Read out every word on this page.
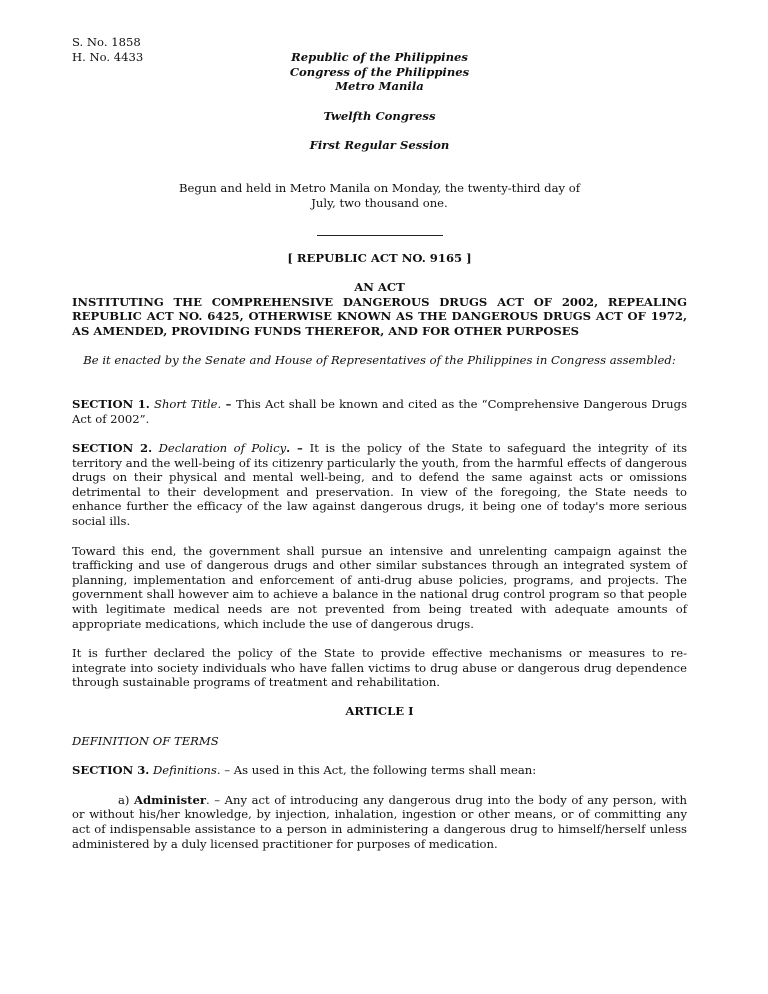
S. No. 1858
H. No. 4433	Republic of the Philippines
Congress of the Philippines
Metro Manila
Twelfth Congress
First Regular Session
Begun and held in Metro Manila on Monday, the twenty-third day of
July, two thousand one.
[ REPUBLIC ACT NO. 9165 ]
AN ACT

INSTITUTING THE COMPREHENSIVE DANGEROUS DRUGS ACT OF 2002, REPEALING REPUBLIC ACT NO. 6425, OTHERWISE KNOWN AS THE DANGEROUS DRUGS ACT OF 1972, AS AMENDED, PROVIDING FUNDS THEREFOR, AND FOR OTHER PURPOSES

Be it enacted by the Senate and House of Representatives of the Philippines in Congress assembled:

SECTION 1. Short Title. – This Act shall be known and cited as the “Comprehensive Dangerous Drugs Act of 2002”.

SECTION 2. Declaration of Policy. – It is the policy of the State to safeguard the integrity of its territory and the well-being of its citizenry particularly the youth, from the harmful effects of dangerous drugs on their physical and mental well-being, and to defend the same against acts or omissions detrimental to their development and preservation. In view of the foregoing, the State needs to enhance further the efficacy of the law against dangerous drugs, it being one of today's more serious social ills.

Toward this end, the government shall pursue an intensive and unrelenting campaign against the trafficking and use of dangerous drugs and other similar substances through an integrated system of planning, implementation and enforcement of anti-drug abuse policies, programs, and projects. The government shall however aim to achieve a balance in the national drug control program so that people with legitimate medical needs are not prevented from being treated with adequate amounts of appropriate medications, which include the use of dangerous drugs.

It is further declared the policy of the State to provide effective mechanisms or measures to re-integrate into society individuals who have fallen victims to drug abuse or dangerous drug dependence through sustainable programs of treatment and rehabilitation.

ARTICLE I
DEFINITION OF TERMS

SECTION 3. Definitions. – As used in this Act, the following terms shall mean:

a) Administer. – Any act of introducing any dangerous drug into the body of any person, with or without his/her knowledge, by injection, inhalation, ingestion or other means, or of committing any act of indispensable assistance to a person in administering a dangerous drug to himself/herself unless administered by a duly licensed practitioner for purposes of medication.
